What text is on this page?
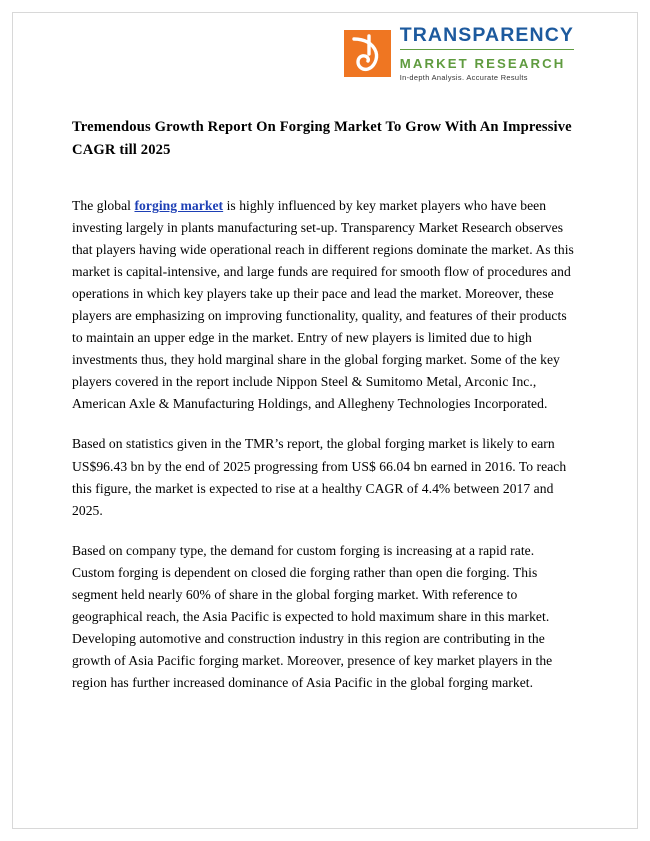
TRANSPARENCY
MARKET RESEARCH
In-depth Analysis. Accurate Results
Tremendous Growth Report On Forging Market To Grow With An Impressive CAGR till 2025

The global forging market is highly influenced by key market players who have been investing largely in plants manufacturing set-up. Transparency Market Research observes that players having wide operational reach in different regions dominate the market. As this market is capital-intensive, and large funds are required for smooth flow of procedures and operations in which key players take up their pace and lead the market. Moreover, these players are emphasizing on improving functionality, quality, and features of their products to maintain an upper edge in the market. Entry of new players is limited due to high investments thus, they hold marginal share in the global forging market. Some of the key players covered in the report include Nippon Steel & Sumitomo Metal, Arconic Inc., American Axle & Manufacturing Holdings, and Allegheny Technologies Incorporated.

Based on statistics given in the TMR’s report, the global forging market is likely to earn US$96.43 bn by the end of 2025 progressing from US$ 66.04 bn earned in 2016. To reach this figure, the market is expected to rise at a healthy CAGR of 4.4% between 2017 and 2025.

Based on company type, the demand for custom forging is increasing at a rapid rate. Custom forging is dependent on closed die forging rather than open die forging. This segment held nearly 60% of share in the global forging market. With reference to geographical reach, the Asia Pacific is expected to hold maximum share in this market. Developing automotive and construction industry in this region are contributing in the growth of Asia Pacific forging market. Moreover, presence of key market players in the region has further increased dominance of Asia Pacific in the global forging market.
